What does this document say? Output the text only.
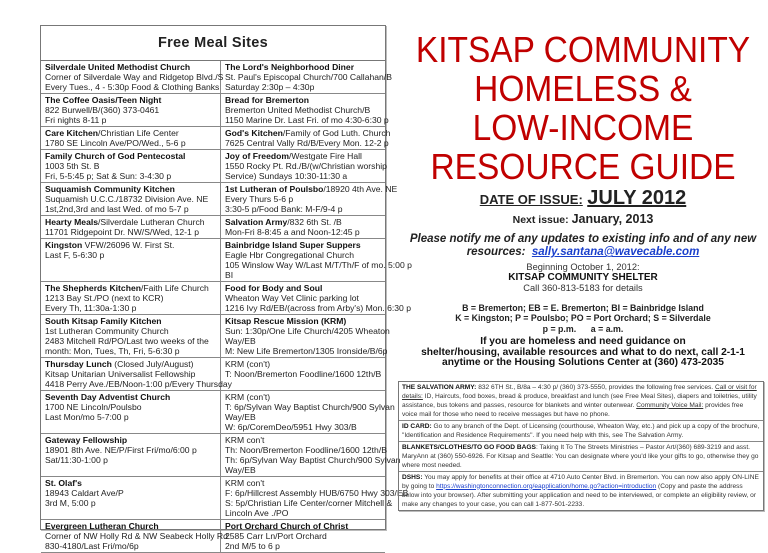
Free Meal Sites
Silverdale United Methodist Church
Corner of Silverdale Way and Ridgetop Blvd./S
Every Tues., 4 - 5:30p Food & Clothing Banks	The Lord's Neighborhood Diner
St. Paul's Episcopal Church/700 Callahan/B
Saturday 2:30p – 4:30p

The Coffee Oasis/Teen Night
822 Burwell/B/(360) 373-0461
Fri nights 8-11 p	Bread for Bremerton
Bremerton United Methodist Church/B
1150 Marine Dr. Last Fri. of mo 4:30-6:30 p

Care Kitchen/Christian Life Center
1780 SE Lincoln Ave/PO/Wed., 5-6 p	God's Kitchen/Family of God Luth. Church
7625 Central Vally Rd/B/Every Mon. 12-2 p

Family Church of God Pentecostal
1003 5th St. B
Fri, 5-5:45 p; Sat & Sun: 3-4:30 p	Joy of Freedom/Westgate Fire Hall
1550 Rocky Pt. Rd./B/(w/Christian worship
Service) Sundays 10:30-11:30 a

Suquamish Community Kitchen
Suquamish U.C.C./18732 Division Ave. NE
1st,2nd,3rd and last Wed. of mo 5-7 p	1st Lutheran of Poulsbo/18920 4th Ave. NE
Every Thurs 5-6 p
3:30-5 p/Food Bank: M-F/9-4 p

Hearty Meals/Silverdale Lutheran Church
11701 Ridgepoint Dr. NW/S/Wed, 12-1 p	Salvation Army/832 6th St. /B
Mon-Fri 8-8:45 a and Noon-12:45 p

Kingston VFW/26096 W. First St.
Last F, 5-6:30 p	Bainbridge Island Super Suppers
Eagle Hbr Congregational Church
105 Winslow Way W/Last M/T/Th/F of mo. 5:00 p
BI

The Shepherds Kitchen/Faith Life Church
1213 Bay St./PO (next to KCR)
Every Th, 11:30a-1:30 p	Food for Body and Soul
Wheaton Way Vet Clinic parking lot
1216 Ivy Rd/EB/(across from Arby's) Mon. 6:30 p

South Kitsap Family Kitchen
1st Lutheran Community Church
2483 Mitchell Rd/PO/Last two weeks of the
month: Mon, Tues, Th, Fri, 5-6:30 p	Kitsap Rescue Mission (KRM)
Sun: 1:30p/One Life Church/4205 Wheaton
Way/EB
M: New Life Bremerton/1305 Ironside/B/6p

Thursday Lunch (Closed July/August)
Kitsap Unitarian Universalist Fellowship
4418 Perry Ave./EB/Noon-1:00 p/Every Thursday	KRM (con't)
T: Noon/Bremerton Foodline/1600 12th/B

Seventh Day Adventist Church
1700 NE Lincoln/Poulsbo
Last Mon/mo 5-7:00 p	KRM (con't)
T: 6p/Sylvan Way Baptist Church/900 Sylvan
Way/EB
W: 6p/CoremDeo/5951 Hwy 303/B

Gateway Fellowship
18901 8th Ave. NE/P/First Fri/mo/6:00 p
Sat/11:30-1:00 p	KRM con't
Th: Noon/Bremerton Foodline/1600 12th/B
Th: 6p/Sylvan Way Baptist Church/900 Sylvan
Way/EB

St. Olaf's
18943 Caldart Ave/P
3rd M, 5:00 p	KRM con't
F: 6p/Hillcrest Assembly HUB/6750 Hwy 303/EB
S: 5p/Christian Life Center/corner Mitchell &
Lincoln Ave ./PO

Evergreen Lutheran Church
Corner of NW Holly Rd & NW Seabeck Holly Rd.
830-4180/Last Fri/mo/6p	Port Orchard Church of Christ
2585 Carr Ln/Port Orchard
2nd M/5 to 6 p
KITSAP COMMUNITY
HOMELESS &
LOW-INCOME
RESOURCE GUIDE
DATE OF ISSUE: JULY 2012
Next issue: January, 2013
Please notify me of any updates to existing info and of any new
resources: sally.santana@wavecable.com
Beginning October 1, 2012:
KITSAP COMMUNITY SHELTER
Call 360-813-5183 for details
B = Bremerton; EB = E. Bremerton; BI = Bainbridge Island
K = Kingston; P = Poulsbo; PO = Port Orchard; S = Silverdale
p = p.m.      a = a.m.
If you are homeless and need guidance on
shelter/housing, available resources and what to do next, call 2-1-1
anytime or the Housing Solutions Center at (360) 473-2035
THE SALVATION ARMY: 832 6TH St., B/8a – 4:30 p/ (360) 373-5550, provides the following free services. Call or visit for details: ID, Haircuts, food boxes, bread & produce, breakfast and lunch (see Free Meal Sites), diapers and toiletries, utility assistance, bus tokens and passes, resource for blankets and winter outerwear. Community Voice Mail: provides free voice mail for those who need to receive messages but have no phone.
ID CARD: Go to any branch of the Dept. of Licensing (courthouse, Wheaton Way, etc.) and pick up a copy of the brochure, "Identification and Residence Requirements". If you need help with this, see The Salvation Army.
BLANKETS/CLOTHES/TO GO FOOD BAGS: Taking It To The Streets Ministries – Pastor Art/(360) 689-3219 and asst. MaryAnn at (360) 550-6926. For Kitsap and Seattle: You can designate where you'd like your gifts to go, otherwise they go where most needed.
DSHS: You may apply for benefits at their office at 4710 Auto Center Blvd. in Bremerton. You can now also apply ON-LINE by going to https://washingtonconnection.org/eapplication/home.go?action=introduction (Copy and paste the address below into your browser). After submitting your application and need to be interviewed, or complete an eligibility review, or make any changes to your case, you can call 1-877-501-2233.
